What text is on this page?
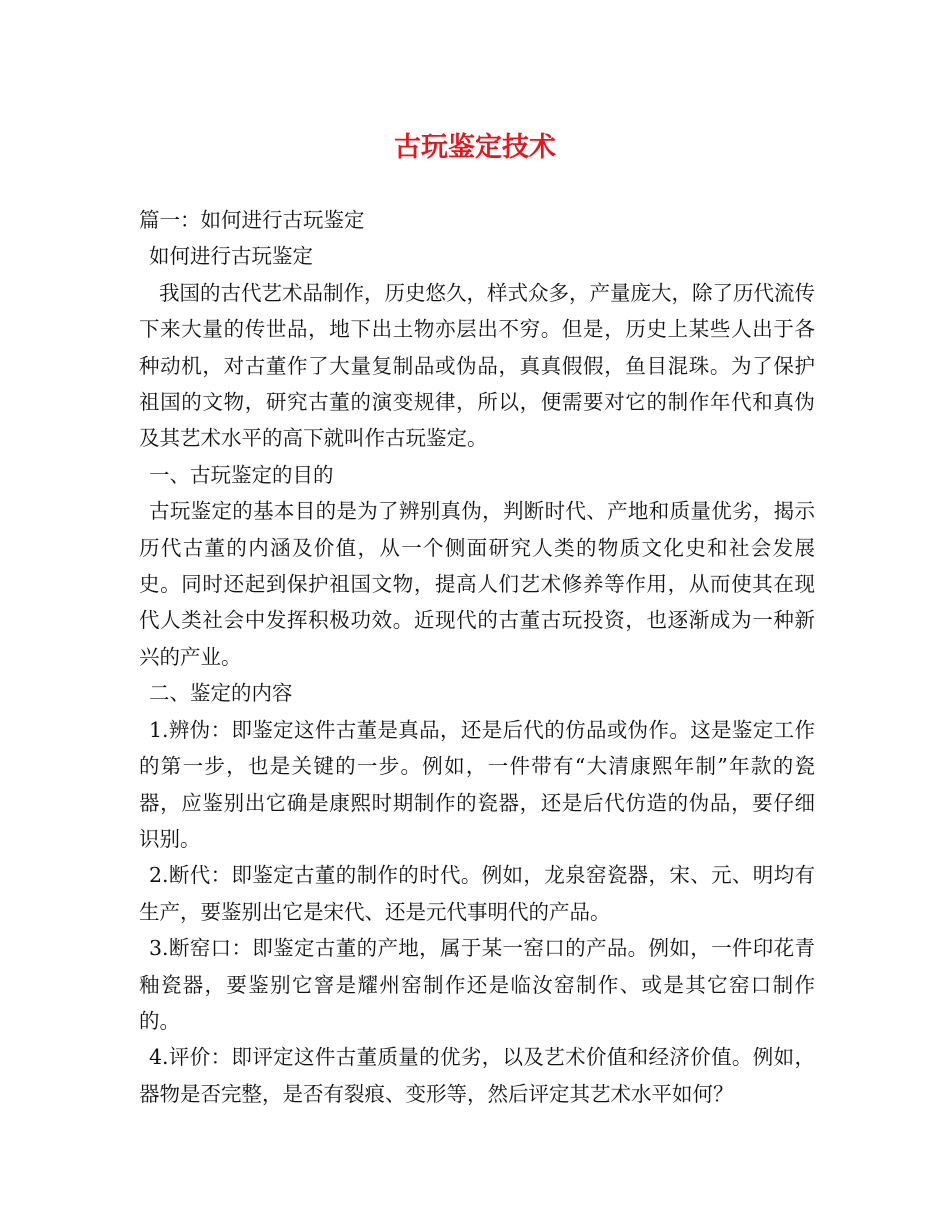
古玩鉴定技术

篇一：如何进行古玩鉴定

如何进行古玩鉴定

我国的古代艺术品制作，历史悠久，样式众多，产量庞大，除了历代流传下来大量的传世品，地下出土物亦层出不穷。但是，历史上某些人出于各种动机，对古董作了大量复制品或伪品，真真假假，鱼目混珠。为了保护祖国的文物，研究古董的演变规律，所以，便需要对它的制作年代和真伪及其艺术水平的高下就叫作古玩鉴定。

一、古玩鉴定的目的

古玩鉴定的基本目的是为了辨别真伪，判断时代、产地和质量优劣，揭示历代古董的内涵及价值，从一个侧面研究人类的物质文化史和社会发展史。同时还起到保护祖国文物，提高人们艺术修养等作用，从而使其在现代人类社会中发挥积极功效。近现代的古董古玩投资，也逐渐成为一种新兴的产业。

二、鉴定的内容

1.辨伪：即鉴定这件古董是真品，还是后代的仿品或伪作。这是鉴定工作的第一步，也是关键的一步。例如，一件带有“大清康熙年制”年款的瓷器，应鉴别出它确是康熙时期制作的瓷器，还是后代仿造的伪品，要仔细识别。

2.断代：即鉴定古董的制作的时代。例如，龙泉窑瓷器，宋、元、明均有生产，要鉴别出它是宋代、还是元代事明代的产品。

3.断窑口：即鉴定古董的产地，属于某一窑口的产品。例如，一件印花青釉瓷器，要鉴别它窨是耀州窑制作还是临汝窑制作、或是其它窑口制作的。

4.评价：即评定这件古董质量的优劣，以及艺术价值和经济价值。例如，器物是否完整，是否有裂痕、变形等，然后评定其艺术水平如何？
